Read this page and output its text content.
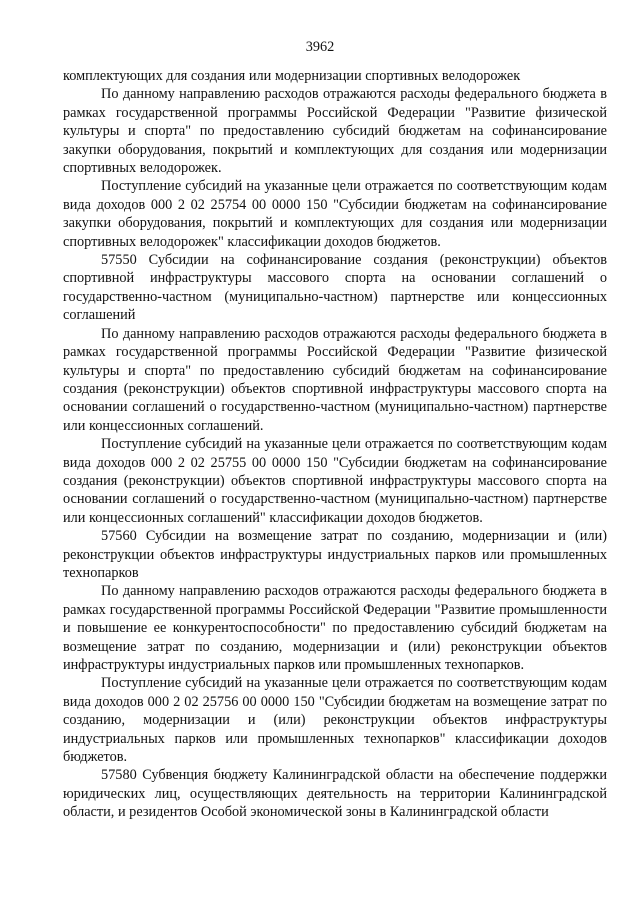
3962

комплектующих для создания или модернизации спортивных велодорожек

По данному направлению расходов отражаются расходы федерального бюджета в рамках государственной программы Российской Федерации "Развитие физической культуры и спорта" по предоставлению субсидий бюджетам на софинансирование закупки оборудования, покрытий и комплектующих для создания или модернизации спортивных велодорожек.

Поступление субсидий на указанные цели отражается по соответствующим кодам вида доходов 000 2 02 25754 00 0000 150 "Субсидии бюджетам на софинансирование закупки оборудования, покрытий и комплектующих для создания или модернизации спортивных велодорожек" классификации доходов бюджетов.

57550 Субсидии на софинансирование создания (реконструкции) объектов спортивной инфраструктуры массового спорта на основании соглашений о государственно-частном (муниципально-частном) партнерстве или концессионных соглашений

По данному направлению расходов отражаются расходы федерального бюджета в рамках государственной программы Российской Федерации "Развитие физической культуры и спорта" по предоставлению субсидий бюджетам на софинансирование создания (реконструкции) объектов спортивной инфраструктуры массового спорта на основании соглашений о государственно-частном (муниципально-частном) партнерстве или концессионных соглашений.

Поступление субсидий на указанные цели отражается по соответствующим кодам вида доходов 000 2 02 25755 00 0000 150 "Субсидии бюджетам на софинансирование создания (реконструкции) объектов спортивной инфраструктуры массового спорта на основании соглашений о государственно-частном (муниципально-частном) партнерстве или концессионных соглашений" классификации доходов бюджетов.

57560 Субсидии на возмещение затрат по созданию, модернизации и (или) реконструкции объектов инфраструктуры индустриальных парков или промышленных технопарков

По данному направлению расходов отражаются расходы федерального бюджета в рамках государственной программы Российской Федерации "Развитие промышленности и повышение ее конкурентоспособности" по предоставлению субсидий бюджетам на возмещение затрат по созданию, модернизации и (или) реконструкции объектов инфраструктуры индустриальных парков или промышленных технопарков.

Поступление субсидий на указанные цели отражается по соответствующим кодам вида доходов 000 2 02 25756 00 0000 150 "Субсидии бюджетам на возмещение затрат по созданию, модернизации и (или) реконструкции объектов инфраструктуры индустриальных парков или промышленных технопарков" классификации доходов бюджетов.

57580 Субвенция бюджету Калининградской области на обеспечение поддержки юридических лиц, осуществляющих деятельность на территории Калининградской области, и резидентов Особой экономической зоны в Калининградской области
